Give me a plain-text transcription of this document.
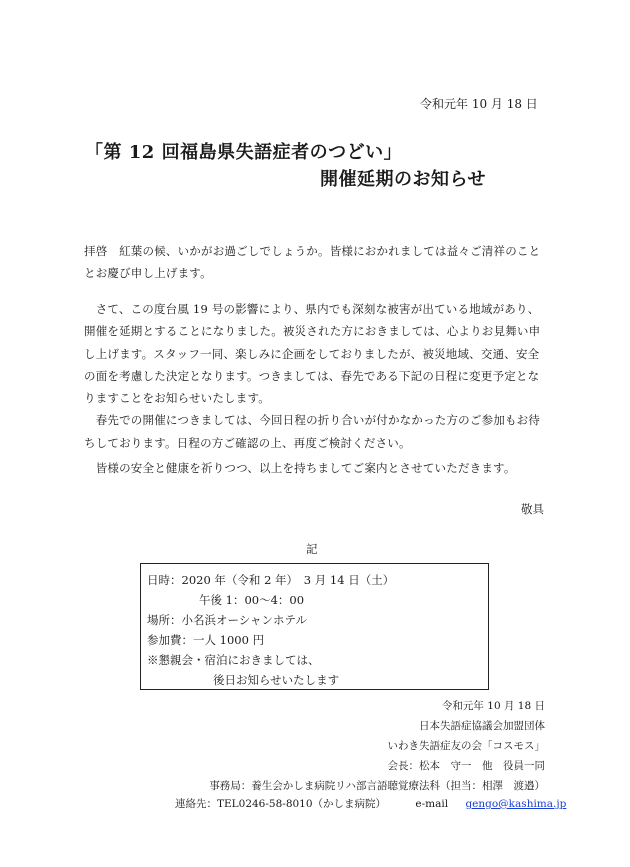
令和元年 10 月 18 日
「第 12 回福島県失語症者のつどい」
開催延期のお知らせ
拝啓　紅葉の候、いかがお過ごしでしょうか。皆様におかれましては益々ご清祥のこととお慶び申し上げます。
　さて、この度台風 19 号の影響により、県内でも深刻な被害が出ている地域があり、開催を延期とすることになりました。被災された方におきましては、心よりお見舞い申し上げます。スタッフ一同、楽しみに企画をしておりましたが、被災地域、交通、安全の面を考慮した決定となります。つきましては、春先である下記の日程に変更予定となりますことをお知らせいたします。
　春先での開催につきましては、今回日程の折り合いが付かなかった方のご参加もお待ちしております。日程の方ご確認の上、再度ご検討ください。
　皆様の安全と健康を祈りつつ、以上を持ちましてご案内とさせていただきます。
敬具
記
日時：2020 年（令和 2 年）　3 月 14 日（土）
午後 1：00～4：00
場所：小名浜オーシャンホテル
参加費：一人 1000 円
※懇親会・宿泊におきましては、
後日お知らせいたします
令和元年 10 月 18 日
日本失語症協議会加盟団体
いわき失語症友の会「コスモス」
会長：松本　守一　他　役員一同
事務局：養生会かしま病院リハ部言語聴覚療法科（担当：相澤　渡邉）
連絡先：TEL0246-58-8010（かしま病院）	e-mail gengo@kashima.jp
